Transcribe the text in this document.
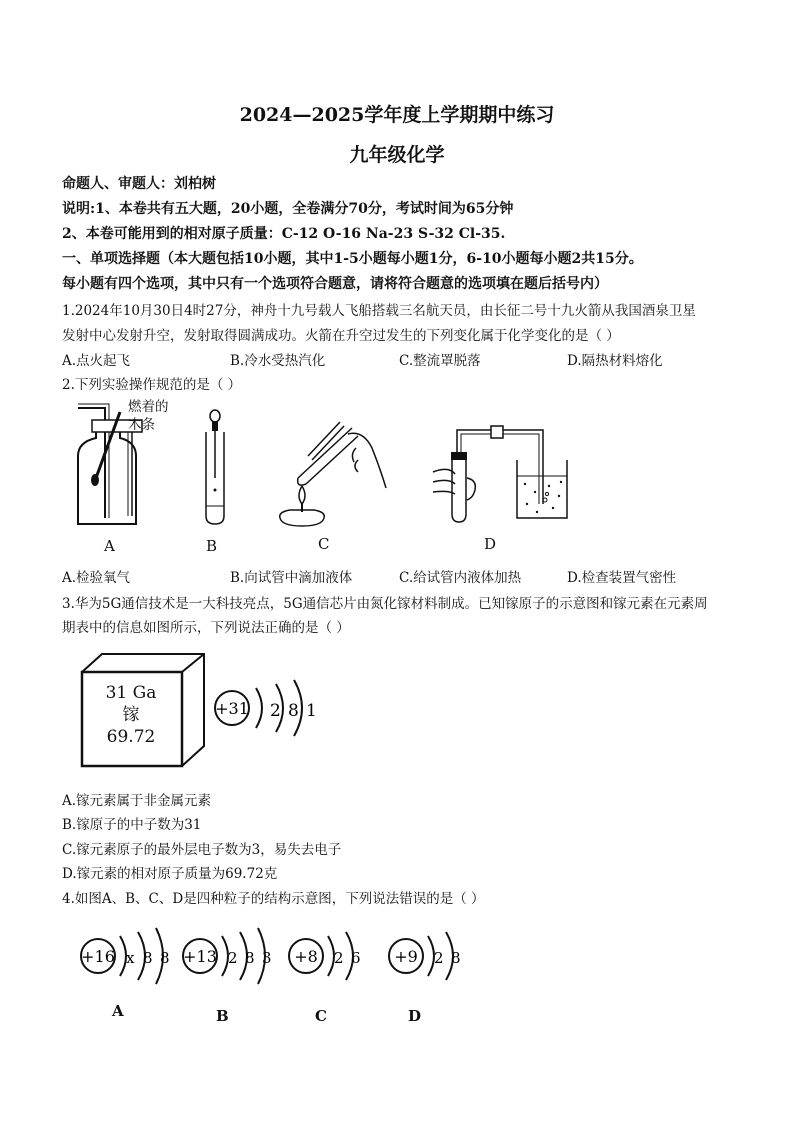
2024—2025学年度上学期期中练习
九年级化学
命题人、审题人：刘柏树
说明:1、本卷共有五大题，20小题，全卷满分70分，考试时间为65分钟
2、本卷可能用到的相对原子质量：C-12 O-16 Na-23 S-32 Cl-35.
一、单项选择题（本大题包括10小题，其中1-5小题每小题1分，6-10小题每小题2共15分。
每小题有四个选项，其中只有一个选项符合题意，请将符合题意的选项填在题后括号内）
1.2024年10月30日4时27分，神舟十九号载人飞船搭载三名航天员，由长征二号十九火箭从我国酒泉卫星
发射中心发射升空，发射取得圆满成功。火箭在升空过发生的下列变化属于化学变化的是（ ）
A.点火起飞	B.冷水受热汽化	C.整流罩脱落	D.隔热材料熔化
2.下列实验操作规范的是（ ）
燃着的
木条
A	B	C	D
A.检验氧气	B.向试管中滴加液体	C.给试管内液体加热	D.检查装置气密性
3.华为5G通信技术是一大科技亮点，5G通信芯片由氮化镓材料制成。已知镓原子的示意图和镓元素在元素周
期表中的信息如图所示，下列说法正确的是（ ）
31 Ga
镓
69.72
+31 2 8 1
A.镓元素属于非金属元素
B.镓原子的中子数为31
C.镓元素原子的最外层电子数为3，易失去电子
D.镓元素的相对原子质量为69.72克
4.如图A、B、C、D是四种粒子的结构示意图，下列说法错误的是（ ）
+16 x 8 8 +13 2 8 3 +8 2 6 +9 2 8
A	B	C	D
